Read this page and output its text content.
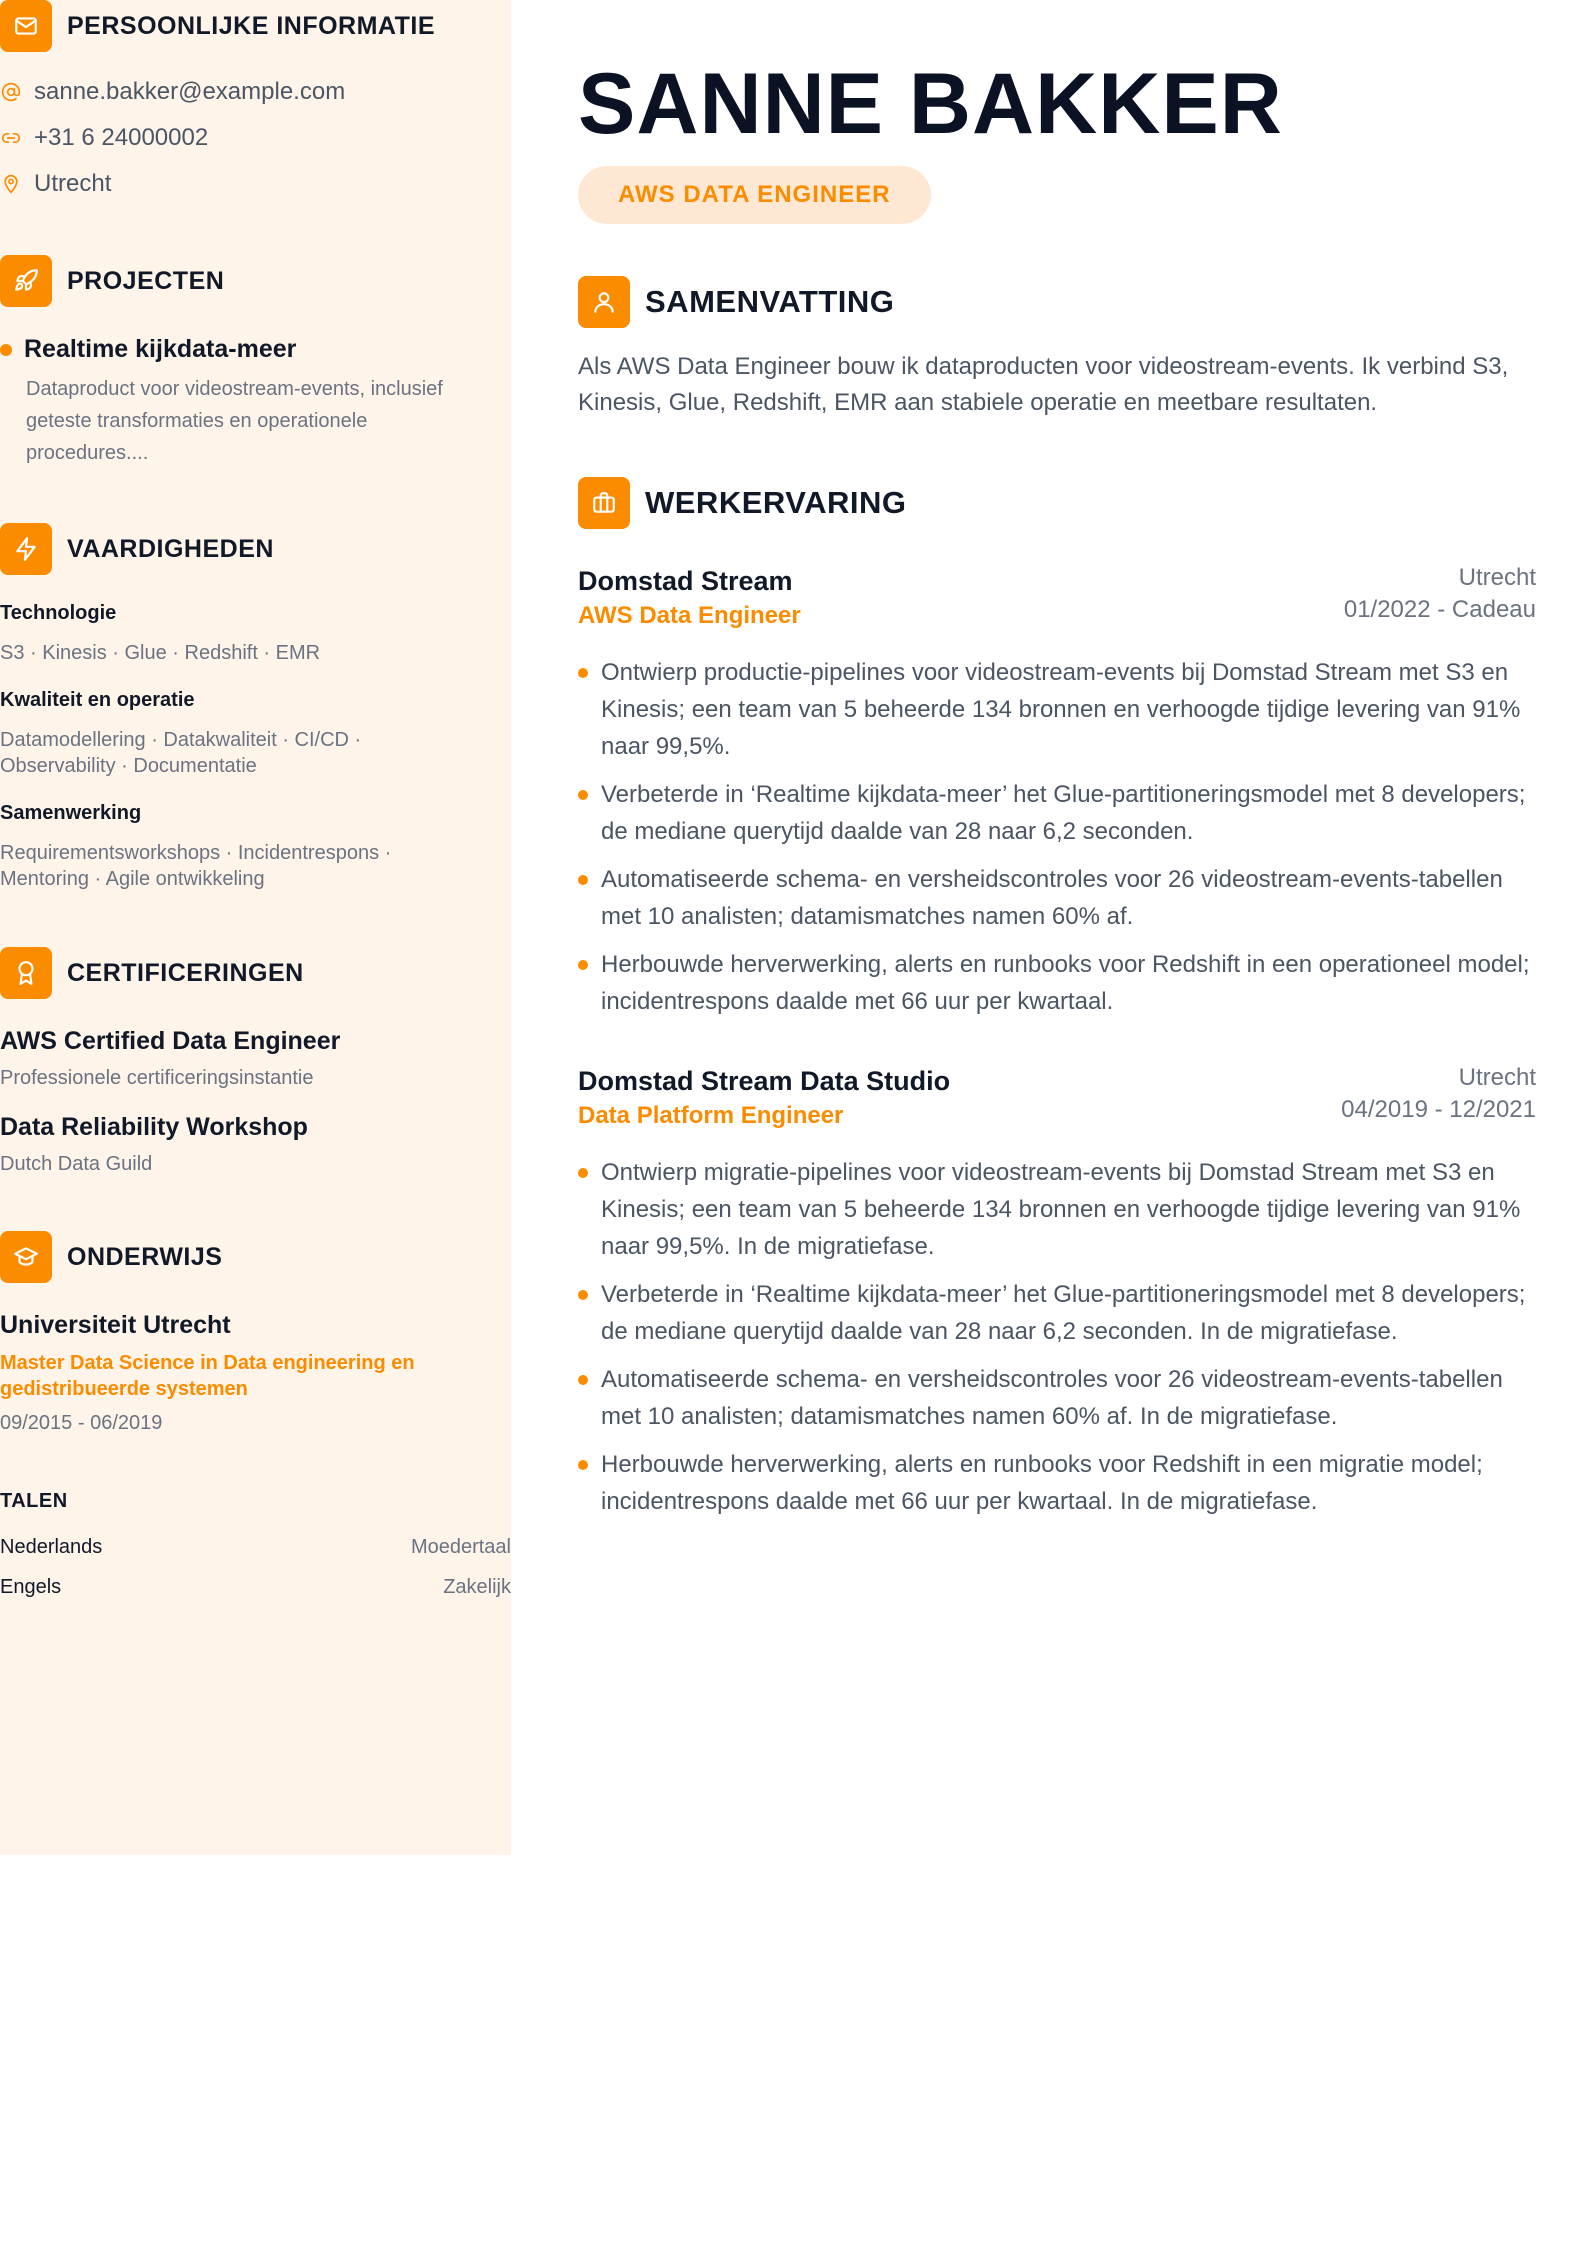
PERSOONLIJKE INFORMATIE
sanne.bakker@example.com
+31 6 24000002
Utrecht
PROJECTEN
Realtime kijkdata-meer
Dataproduct voor videostream-events, inclusief geteste transformaties en operationele procedures....
VAARDIGHEDEN
Technologie
S3 · Kinesis · Glue · Redshift · EMR
Kwaliteit en operatie
Datamodellering · Datakwaliteit · CI/CD · Observability · Documentatie
Samenwerking
Requirementsworkshops · Incidentrespons · Mentoring · Agile ontwikkeling
CERTIFICERINGEN
AWS Certified Data Engineer
Professionele certificeringsinstantie
Data Reliability Workshop
Dutch Data Guild
ONDERWIJS
Universiteit Utrecht
Master Data Science in Data engineering en gedistribueerde systemen
09/2015 - 06/2019
TALEN
Nederlands	Moedertaal
Engels	Zakelijk
SANNE BAKKER
AWS DATA ENGINEER
SAMENVATTING
Als AWS Data Engineer bouw ik dataproducten voor videostream-events. Ik verbind S3, Kinesis, Glue, Redshift, EMR aan stabiele operatie en meetbare resultaten.
WERKERVARING
Domstad Stream
AWS Data Engineer
Utrecht
01/2022 - Cadeau
Ontwierp productie-pipelines voor videostream-events bij Domstad Stream met S3 en Kinesis; een team van 5 beheerde 134 bronnen en verhoogde tijdige levering van 91% naar 99,5%.
Verbeterde in ‘Realtime kijkdata-meer’ het Glue-partitioneringsmodel met 8 developers; de mediane querytijd daalde van 28 naar 6,2 seconden.
Automatiseerde schema- en versheidscontroles voor 26 videostream-events-tabellen met 10 analisten; datamismatches namen 60% af.
Herbouwde herverwerking, alerts en runbooks voor Redshift in een operationeel model; incidentrespons daalde met 66 uur per kwartaal.
Domstad Stream Data Studio
Data Platform Engineer
Utrecht
04/2019 - 12/2021
Ontwierp migratie-pipelines voor videostream-events bij Domstad Stream met S3 en Kinesis; een team van 5 beheerde 134 bronnen en verhoogde tijdige levering van 91% naar 99,5%. In de migratiefase.
Verbeterde in ‘Realtime kijkdata-meer’ het Glue-partitioneringsmodel met 8 developers; de mediane querytijd daalde van 28 naar 6,2 seconden. In de migratiefase.
Automatiseerde schema- en versheidscontroles voor 26 videostream-events-tabellen met 10 analisten; datamismatches namen 60% af. In de migratiefase.
Herbouwde herverwerking, alerts en runbooks voor Redshift in een migratie model; incidentrespons daalde met 66 uur per kwartaal. In de migratiefase.
